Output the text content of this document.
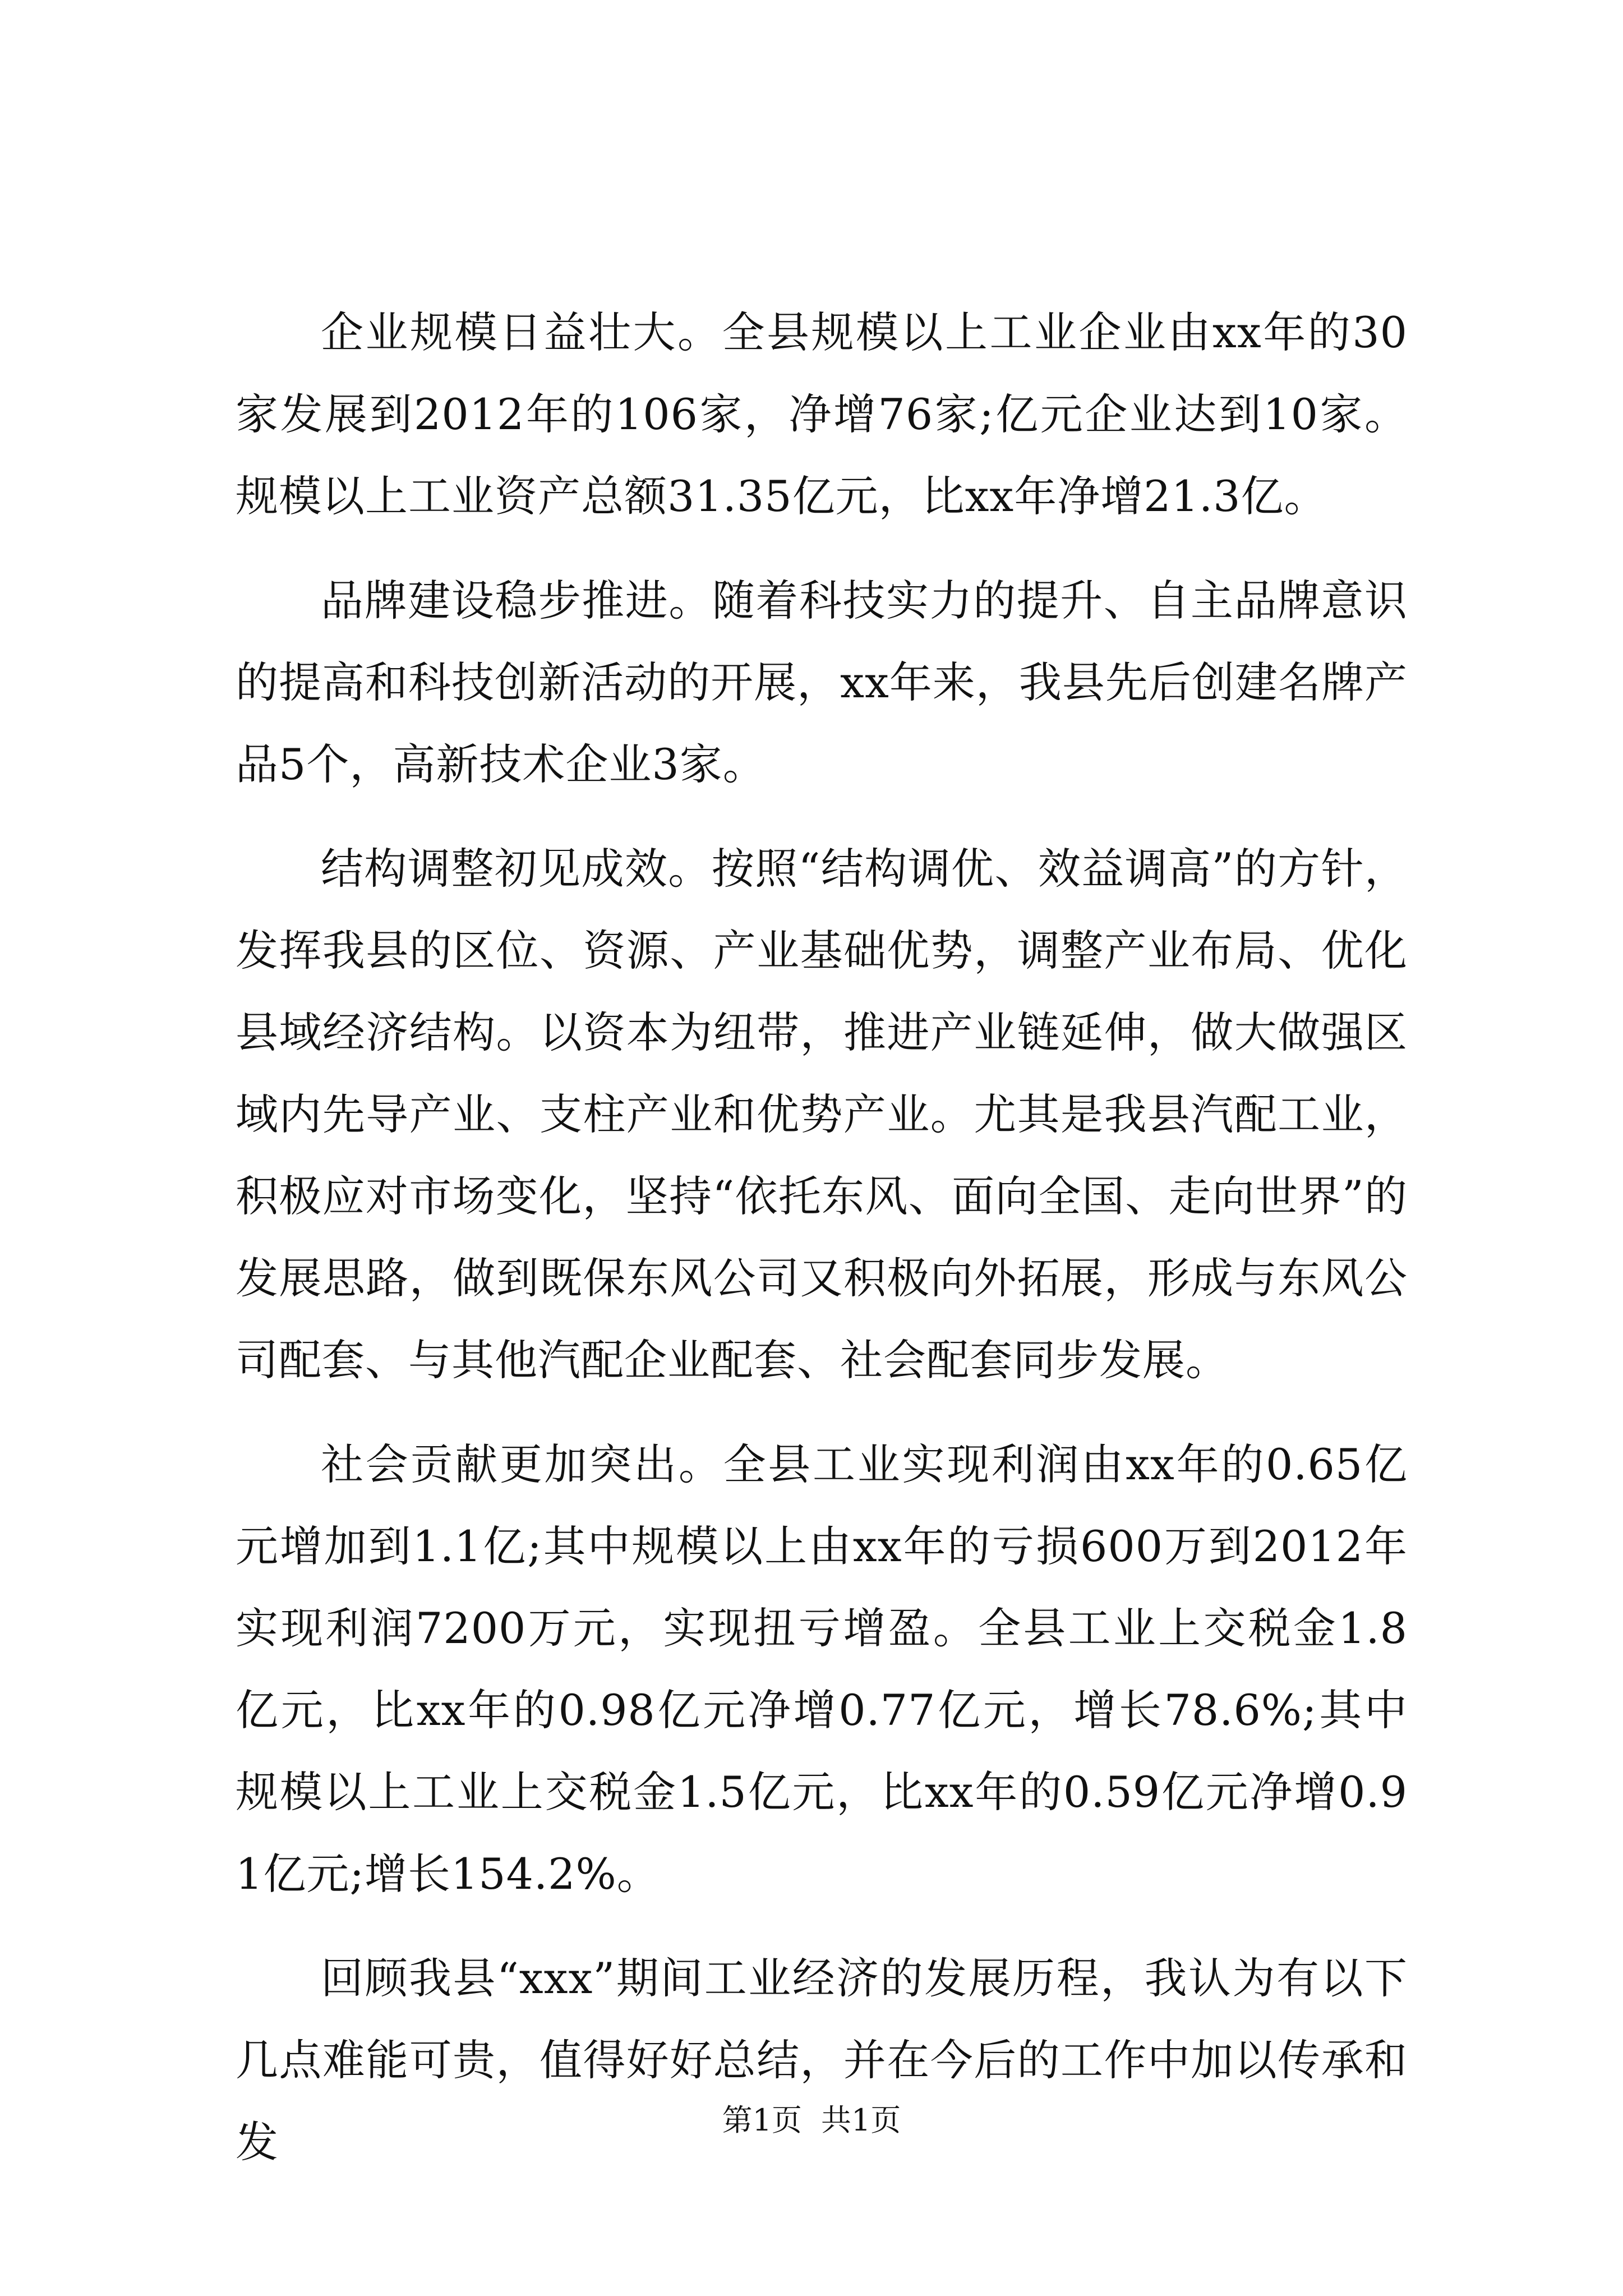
企业规模日益壮大。全县规模以上工业企业由xx年的30家发展到2012年的106家，净增76家;亿元企业达到10家。规模以上工业资产总额31.35亿元，比xx年净增21.3亿。

品牌建设稳步推进。随着科技实力的提升、自主品牌意识的提高和科技创新活动的开展，xx年来，我县先后创建名牌产品5个，高新技术企业3家。

结构调整初见成效。按照“结构调优、效益调高”的方针，发挥我县的区位、资源、产业基础优势，调整产业布局、优化县域经济结构。以资本为纽带，推进产业链延伸，做大做强区域内先导产业、支柱产业和优势产业。尤其是我县汽配工业，积极应对市场变化，坚持“依托东风、面向全国、走向世界”的发展思路，做到既保东风公司又积极向外拓展，形成与东风公司配套、与其他汽配企业配套、社会配套同步发展。

社会贡献更加突出。全县工业实现利润由xx年的0.65亿元增加到1.1亿;其中规模以上由xx年的亏损600万到2012年实现利润7200万元，实现扭亏增盈。全县工业上交税金1.8亿元，比xx年的0.98亿元净增0.77亿元，增长78.6%;其中规模以上工业上交税金1.5亿元，比xx年的0.59亿元净增0.91亿元;增长154.2%。

回顾我县“xxx”期间工业经济的发展历程，我认为有以下几点难能可贵，值得好好总结，并在今后的工作中加以传承和发	第1页 共1页
